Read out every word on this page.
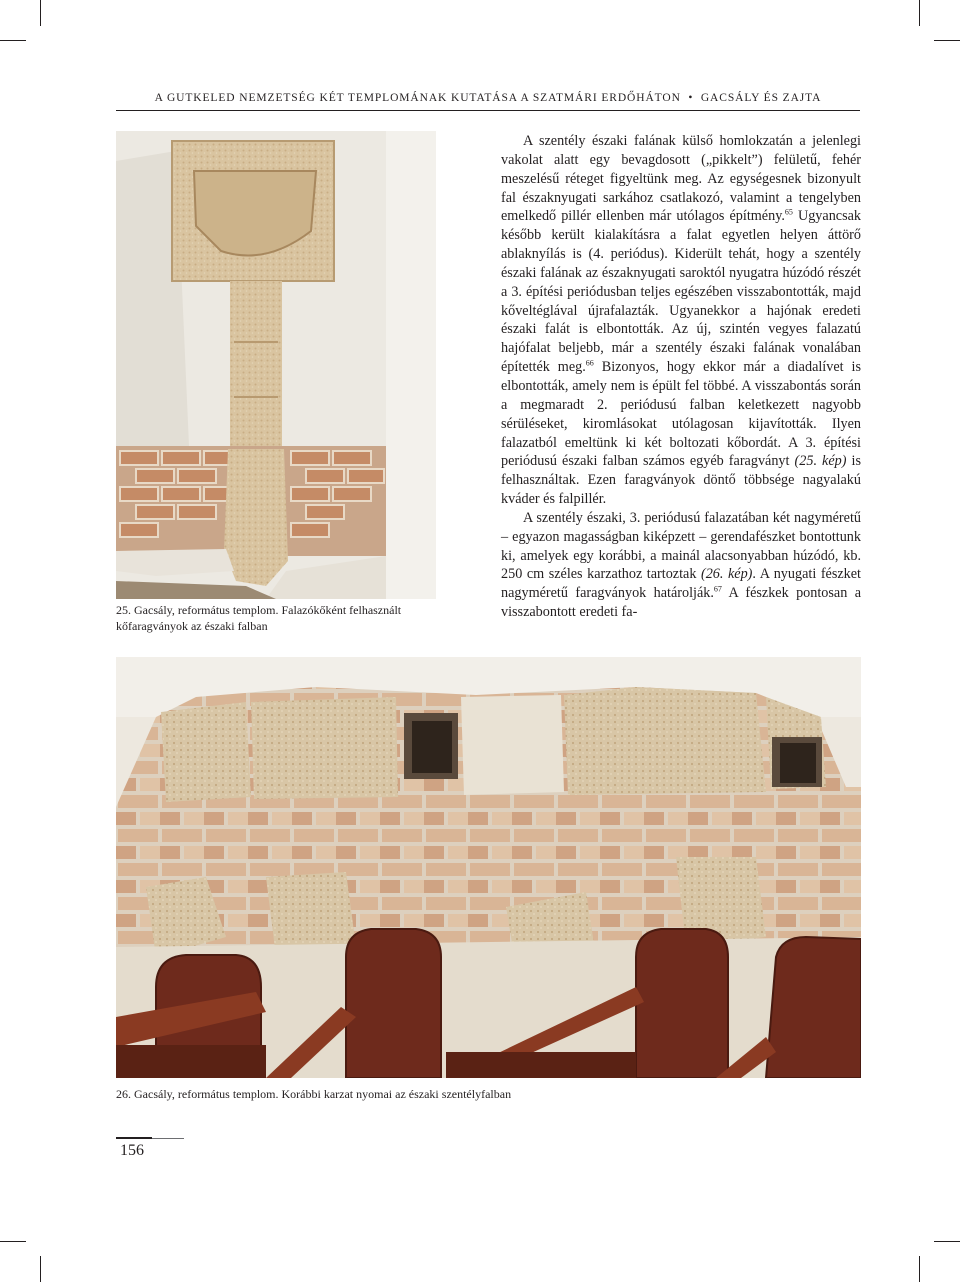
A GUTKELED NEMZETSÉG KÉT TEMPLOMÁNAK KUTATÁSA A SZATMÁRI ERDŐHÁTON • GACSÁLY ÉS ZAJTA
25. Gacsály, református templom. Falazókőként felhasznált kőfaragványok az északi falban

A szentély északi falának külső homlokzatán a jelenlegi vakolat alatt egy bevagdosott („pikkelt”) felületű, fehér meszelésű réteget figyeltünk meg. Az egységesnek bizonyult fal északnyugati sarkához csatlakozó, valamint a tengelyben emelkedő pillér ellenben már utólagos építmény.$^{65}$ Ugyancsak később került kialakításra a falat egyetlen helyen áttörő ablaknyílás is (4. periódus). Kiderült tehát, hogy a szentély északi falának az északnyugati saroktól nyugatra húzódó részét a 3. építési periódusban teljes egészében visszabontották, majd kőveltéglával újrafalazták. Ugyanekkor a hajónak eredeti északi falát is elbontották. Az új, szintén vegyes falazatú hajófalat beljebb, már a szentély északi falának vonalában építették meg.$^{66}$ Bizonyos, hogy ekkor már a diadalívet is elbontották, amely nem is épült fel többé. A visszabontás során a megmaradt 2. periódusú falban keletkezett nagyobb sérüléseket, kiromlásokat utólagosan kijavították. Ilyen falazatból emeltünk ki két boltozati kőbordát. A 3. építési periódusú északi falban számos egyéb faragványt (25. kép) is felhasználtak. Ezen faragványok döntő többsége nagyalakú kváder és falpillér.

A szentély északi, 3. periódusú falazatában két nagyméretű – egyazon magasságban kiképzett – gerendafészket bontottunk ki, amelyek egy korábbi, a mainál alacsonyabban húzódó, kb. 250 cm széles karzathoz tartoztak (26. kép). A nyugati fészket nagyméretű faragványok határolják.$^{67}$ A fészkek pontosan a visszabontott eredeti fa-

26. Gacsály, református templom. Korábbi karzat nyomai az északi szentélyfalban
156
